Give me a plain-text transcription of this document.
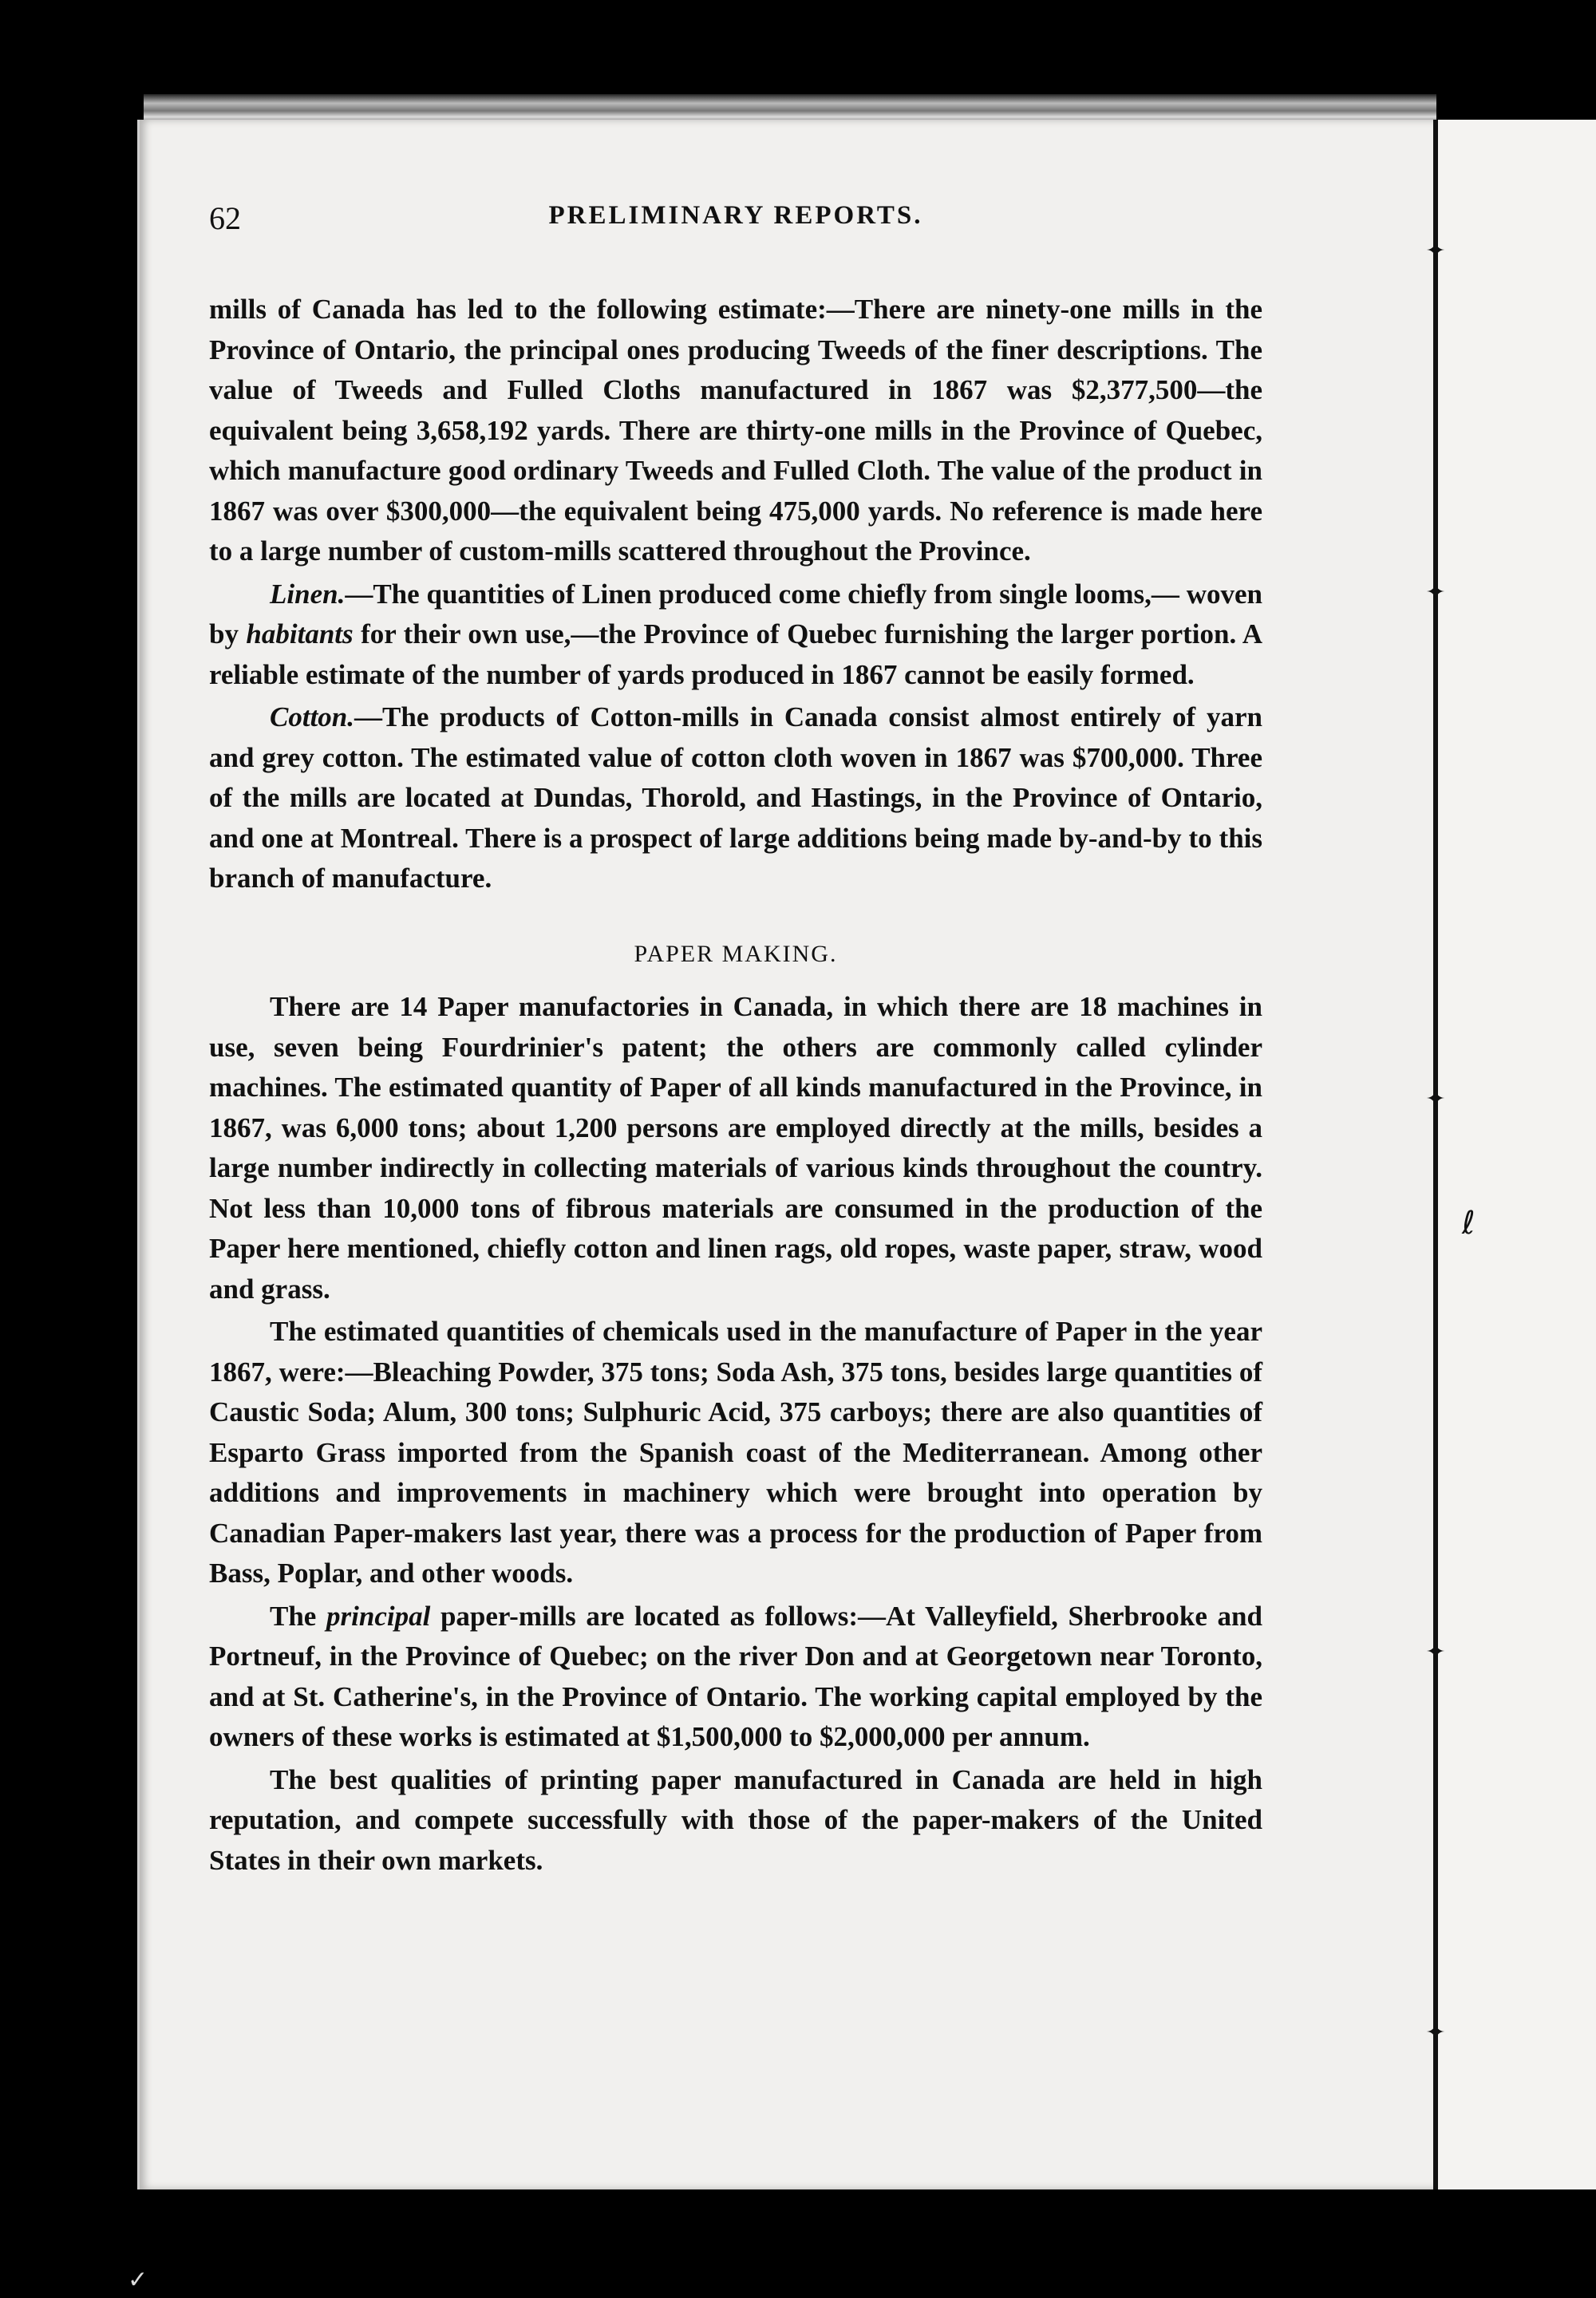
✦
✦
✦
✦
✦
ℓ
✓
62	PRELIMINARY REPORTS.

mills of Canada has led to the following estimate:—There are ninety-one mills in the Province of Ontario, the principal ones producing Tweeds of the finer descriptions. The value of Tweeds and Fulled Cloths manufactured in 1867 was $2,377,500—the equivalent being 3,658,192 yards. There are thirty-one mills in the Province of Quebec, which manufacture good ordinary Tweeds and Fulled Cloth. The value of the product in 1867 was over $300,000—the equivalent being 475,000 yards. No reference is made here to a large number of custom-mills scattered throughout the Province.

Linen.—The quantities of Linen produced come chiefly from single looms,— woven by habitants for their own use,—the Province of Quebec furnishing the larger portion. A reliable estimate of the number of yards produced in 1867 cannot be easily formed.

Cotton.—The products of Cotton-mills in Canada consist almost entirely of yarn and grey cotton. The estimated value of cotton cloth woven in 1867 was $700,000. Three of the mills are located at Dundas, Thorold, and Hastings, in the Province of Ontario, and one at Montreal. There is a prospect of large additions being made by-and-by to this branch of manufacture.

PAPER MAKING.

There are 14 Paper manufactories in Canada, in which there are 18 machines in use, seven being Fourdrinier's patent; the others are commonly called cylinder machines. The estimated quantity of Paper of all kinds manufactured in the Province, in 1867, was 6,000 tons; about 1,200 persons are employed directly at the mills, besides a large number indirectly in collecting materials of various kinds throughout the country. Not less than 10,000 tons of fibrous materials are consumed in the production of the Paper here mentioned, chiefly cotton and linen rags, old ropes, waste paper, straw, wood and grass.

The estimated quantities of chemicals used in the manufacture of Paper in the year 1867, were:—Bleaching Powder, 375 tons; Soda Ash, 375 tons, besides large quantities of Caustic Soda; Alum, 300 tons; Sulphuric Acid, 375 carboys; there are also quantities of Esparto Grass imported from the Spanish coast of the Mediterranean. Among other additions and improvements in machinery which were brought into operation by Canadian Paper-makers last year, there was a process for the production of Paper from Bass, Poplar, and other woods.

The principal paper-mills are located as follows:—At Valleyfield, Sherbrooke and Portneuf, in the Province of Quebec; on the river Don and at Georgetown near Toronto, and at St. Catherine's, in the Province of Ontario. The working capital employed by the owners of these works is estimated at $1,500,000 to $2,000,000 per annum.

The best qualities of printing paper manufactured in Canada are held in high reputation, and compete successfully with those of the paper-makers of the United States in their own markets.
